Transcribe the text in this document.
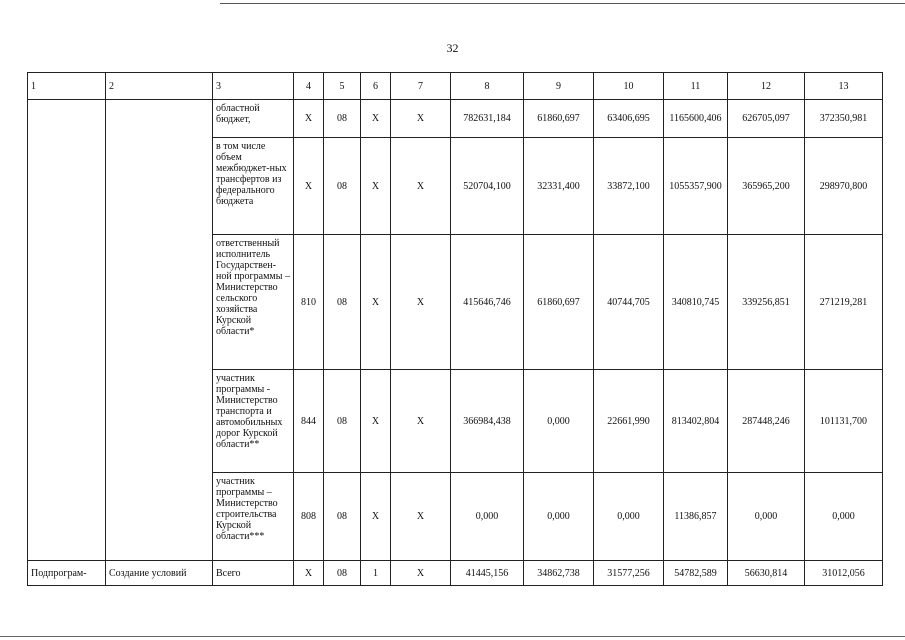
32
1	2	3	4	5	6	7	8	9	10	11	12	13
		областной бюджет,	Х	08	Х	Х	782631,184	61860,697	63406,695	1165600,406	626705,097	372350,981
		в том числе объем межбюджет-ных трансфертов из федерального бюджета	Х	08	Х	Х	520704,100	32331,400	33872,100	1055357,900	365965,200	298970,800
		ответственный исполнитель Государствен-ной программы – Министерство сельского хозяйства Курской области*	810	08	Х	Х	415646,746	61860,697	40744,705	340810,745	339256,851	271219,281
		участник программы - Министерство транспорта и автомобильных дорог Курской области**	844	08	Х	Х	366984,438	0,000	22661,990	813402,804	287448,246	101131,700
		участник программы – Министерство строительства Курской области***	808	08	Х	Х	0,000	0,000	0,000	11386,857	0,000	0,000
Подпрограм-	Создание условий	Всего	Х	08	1	Х	41445,156	34862,738	31577,256	54782,589	56630,814	31012,056
